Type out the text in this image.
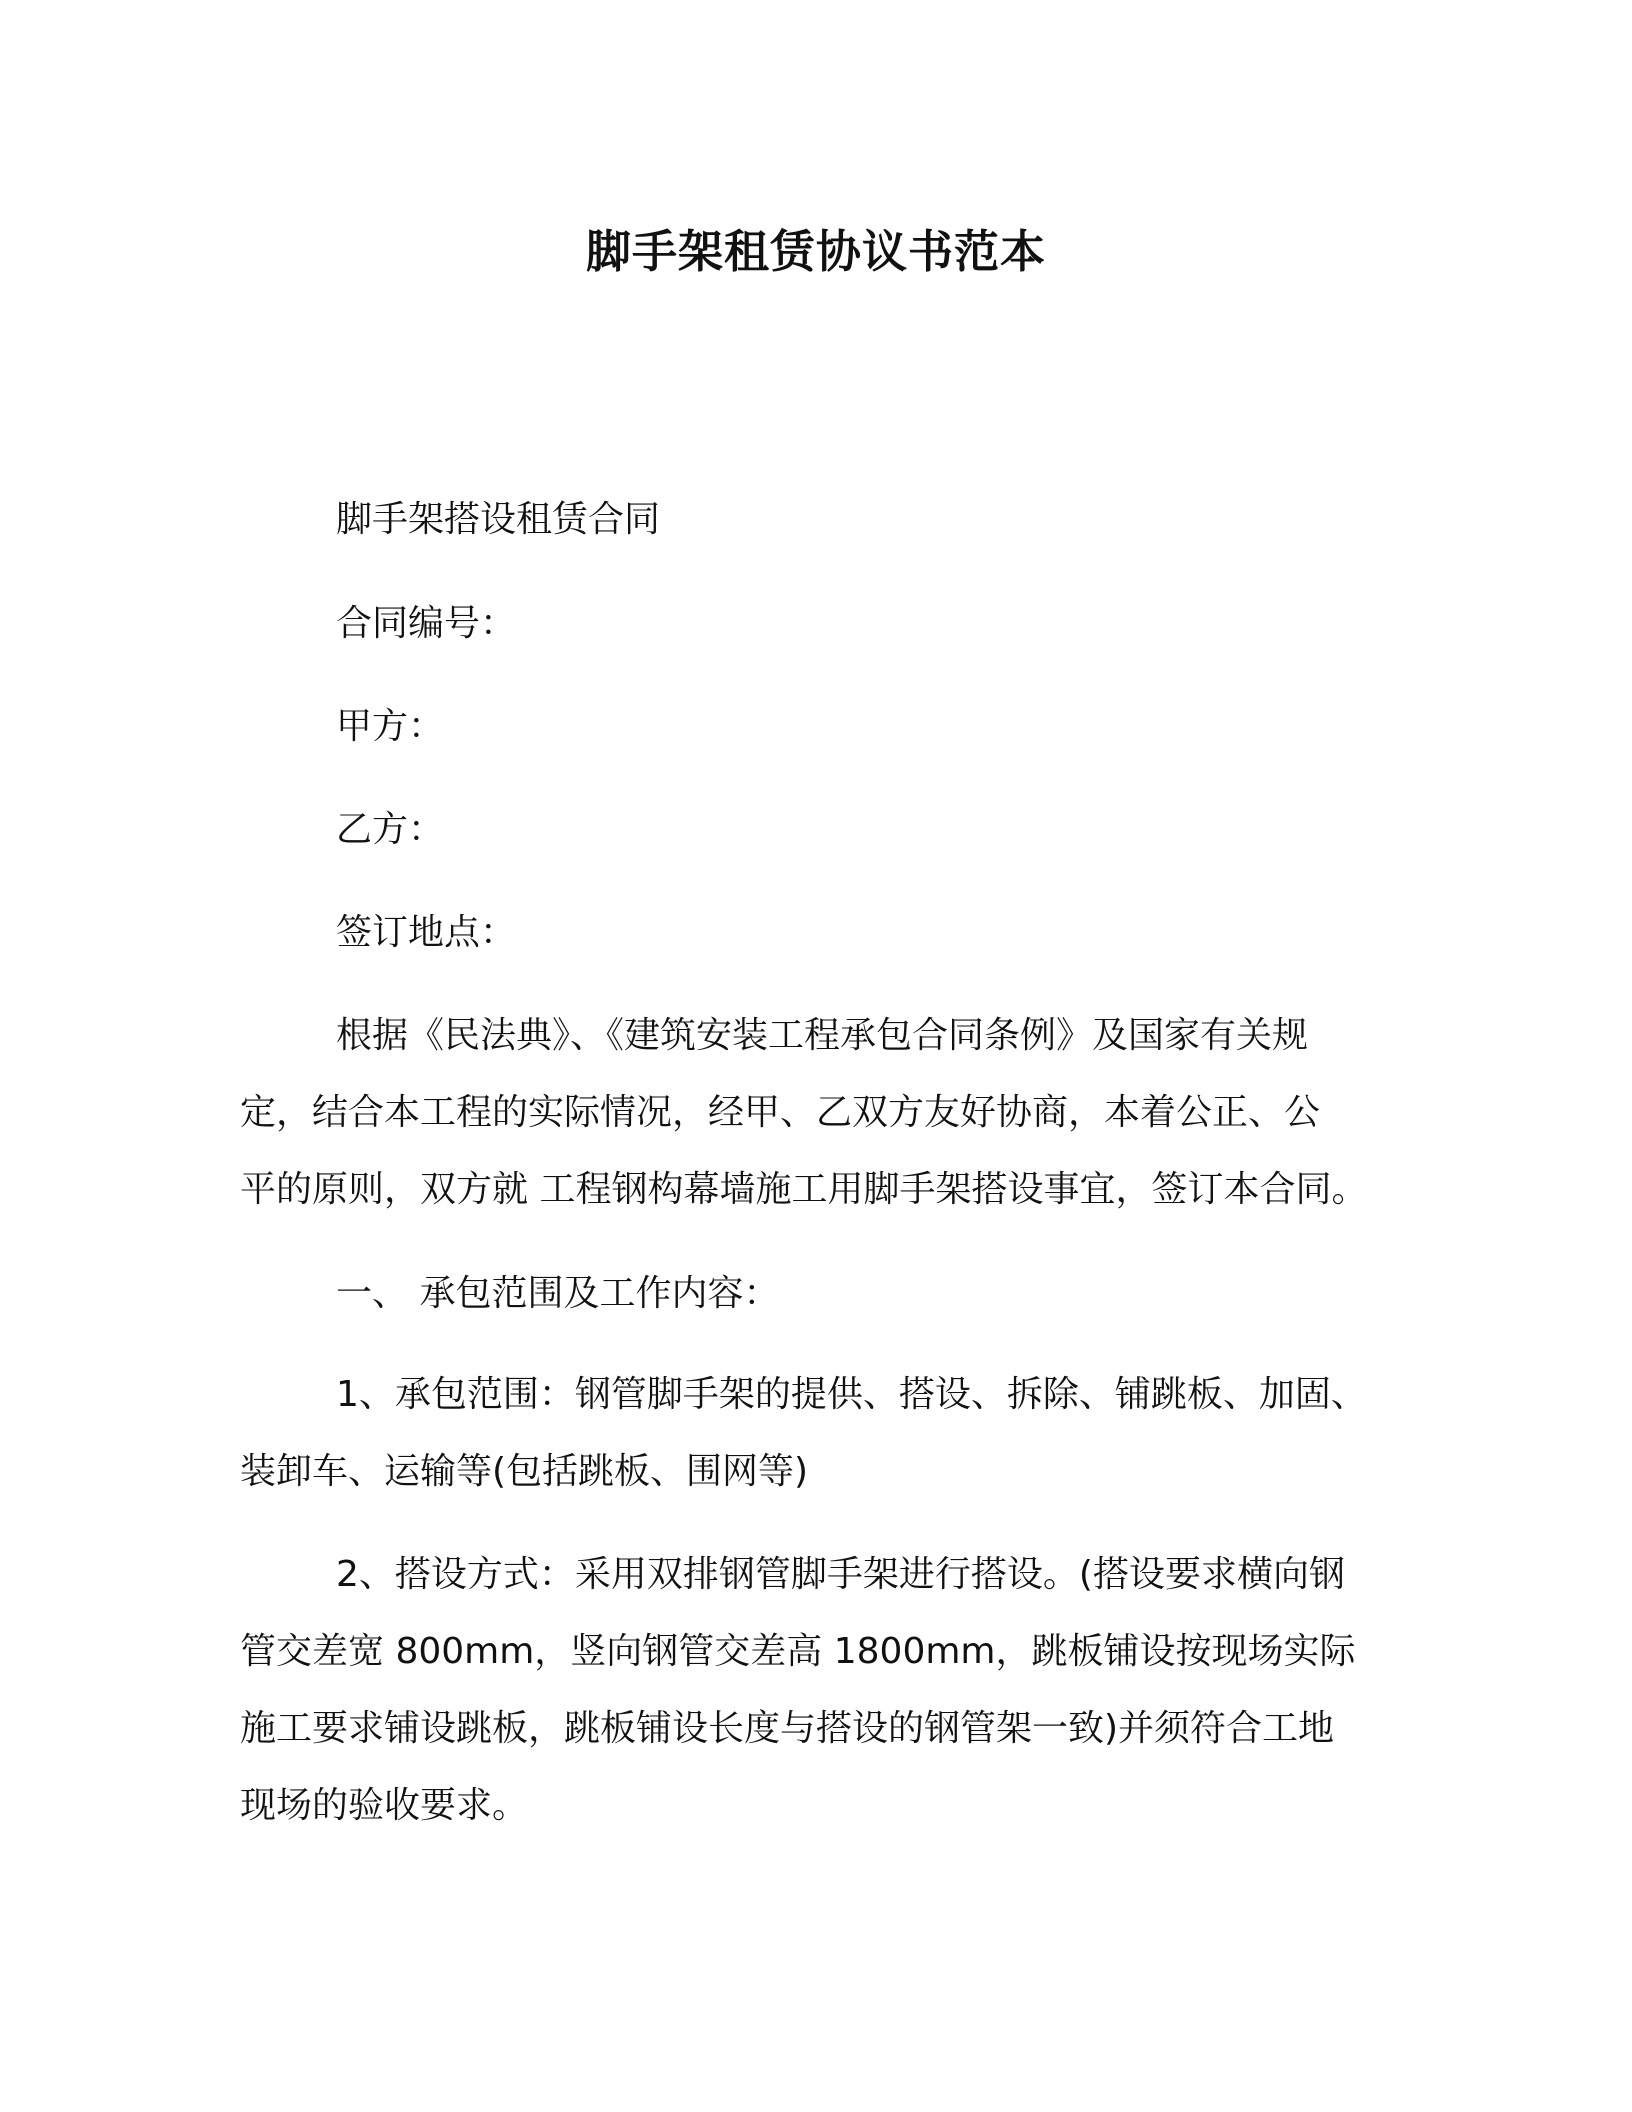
脚手架租赁协议书范本

脚手架搭设租赁合同

合同编号：

甲方：

乙方：

签订地点：

根据《民法典》、《建筑安装工程承包合同条例》及国家有关规

定，结合本工程的实际情况，经甲、乙双方友好协商，本着公正、公

平的原则，双方就 工程钢构幕墙施工用脚手架搭设事宜，签订本合同。

一、 承包范围及工作内容：

1、承包范围：钢管脚手架的提供、搭设、拆除、铺跳板、加固、

装卸车、运输等(包括跳板、围网等)

2、搭设方式：采用双排钢管脚手架进行搭设。(搭设要求横向钢

管交差宽 800mm，竖向钢管交差高 1800mm，跳板铺设按现场实际

施工要求铺设跳板，跳板铺设长度与搭设的钢管架一致)并须符合工地

现场的验收要求。
